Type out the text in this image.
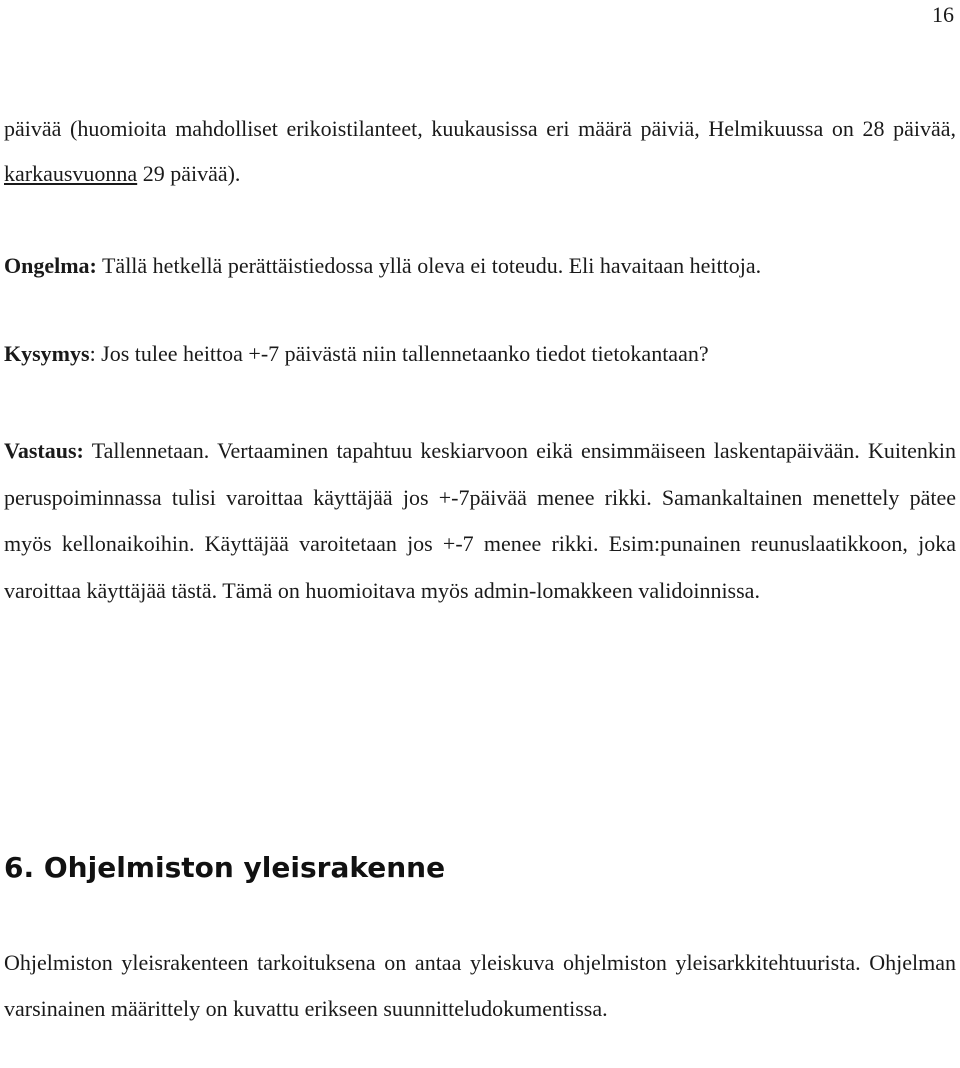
16

päivää (huomioita mahdolliset erikoistilanteet, kuukausissa eri määrä päiviä, Helmikuussa on 28 päivää, karkausvuonna 29 päivää).

Ongelma: Tällä hetkellä perättäistiedossa yllä oleva ei toteudu. Eli havaitaan heittoja.

Kysymys: Jos tulee heittoa +-7 päivästä niin tallennetaanko tiedot tietokantaan?

Vastaus: Tallennetaan. Vertaaminen tapahtuu keskiarvoon eikä ensimmäiseen laskentapäivään. Kuitenkin peruspoiminnassa tulisi varoittaa käyttäjää jos +-7päivää menee rikki. Samankaltainen menettely pätee myös kellonaikoihin. Käyttäjää varoitetaan jos +-7 menee rikki. Esim:punainen reunuslaatikkoon, joka varoittaa käyttäjää tästä. Tämä on huomioitava myös admin-lomakkeen validoinnissa.

6. Ohjelmiston yleisrakenne

Ohjelmiston yleisrakenteen tarkoituksena on antaa yleiskuva ohjelmiston yleisarkkitehtuurista. Ohjelman varsinainen määrittely on kuvattu erikseen suunnitteludokumentissa.
